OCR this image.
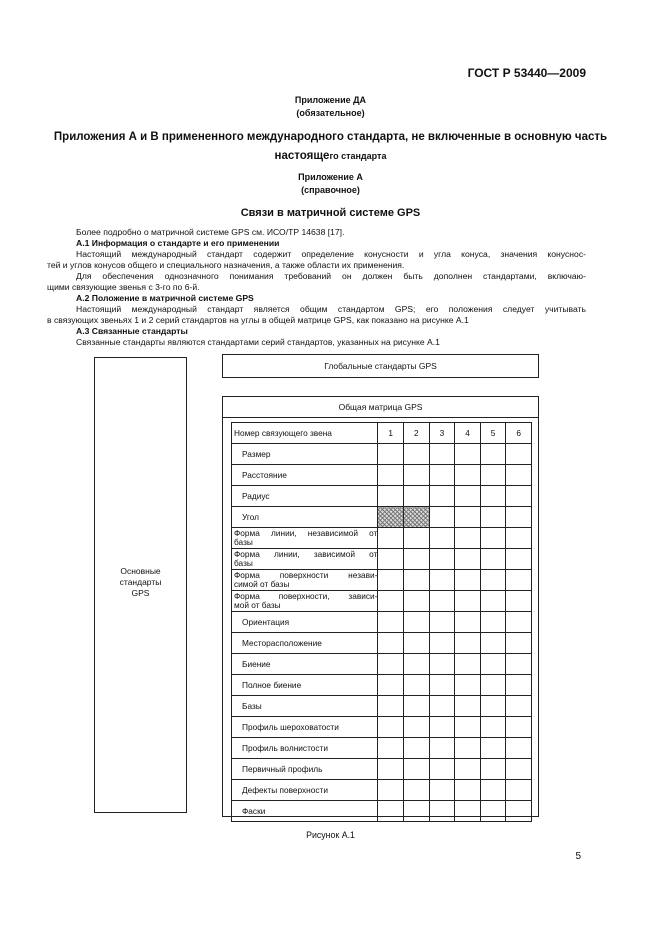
ГОСТ Р 53440—2009
Приложение ДА
(обязательное)
Приложения А и В примененного международного стандарта, не включенные в основную часть
настоящего стандарта
Приложение А
(справочное)
Связи в матричной системе GPS

Более подробно о матричной системе GPS см. ИСО/ТР 14638 [17].

А.1 Информация о стандарте и его применении

Настоящий международный стандарт содержит определение конусности и угла конуса, значения конуснос-

тей и углов конусов общего и специального назначения, а также области их применения.

Для обеспечения однозначного понимания требований он должен быть дополнен стандартами, включаю-

щими связующие звенья с 3-го по 6-й.

А.2 Положение в матричной системе GPS

Настоящий международный стандарт является общим стандартом GPS; его положения следует учитывать

в связующих звеньях 1 и 2 серий стандартов на углы в общей матрице GPS, как показано на рисунке А.1

А.3 Связанные стандарты

Связанные стандарты являются стандартами серий стандартов, указанных на рисунке А.1

Основные
стандарты
GPS
Глобальные стандарты GPS
Общая матрица GPS
Номер связующего звена	1	2	3	4	5	6
Размер						
Расстояние						
Радиус						
Угол						

Форма линии, независимой от
базы						

Форма линии, зависимой от
базы						

Форма поверхности незави-
симой от базы						

Форма поверхности, зависи-
мой от базы						

Ориентация						
Месторасположение						
Биение						
Полное биение						
Базы						
Профиль шероховатости						
Профиль волнистости						
Первичный профиль						
Дефекты поверхности						
Фаски						
Рисунок А.1
5
